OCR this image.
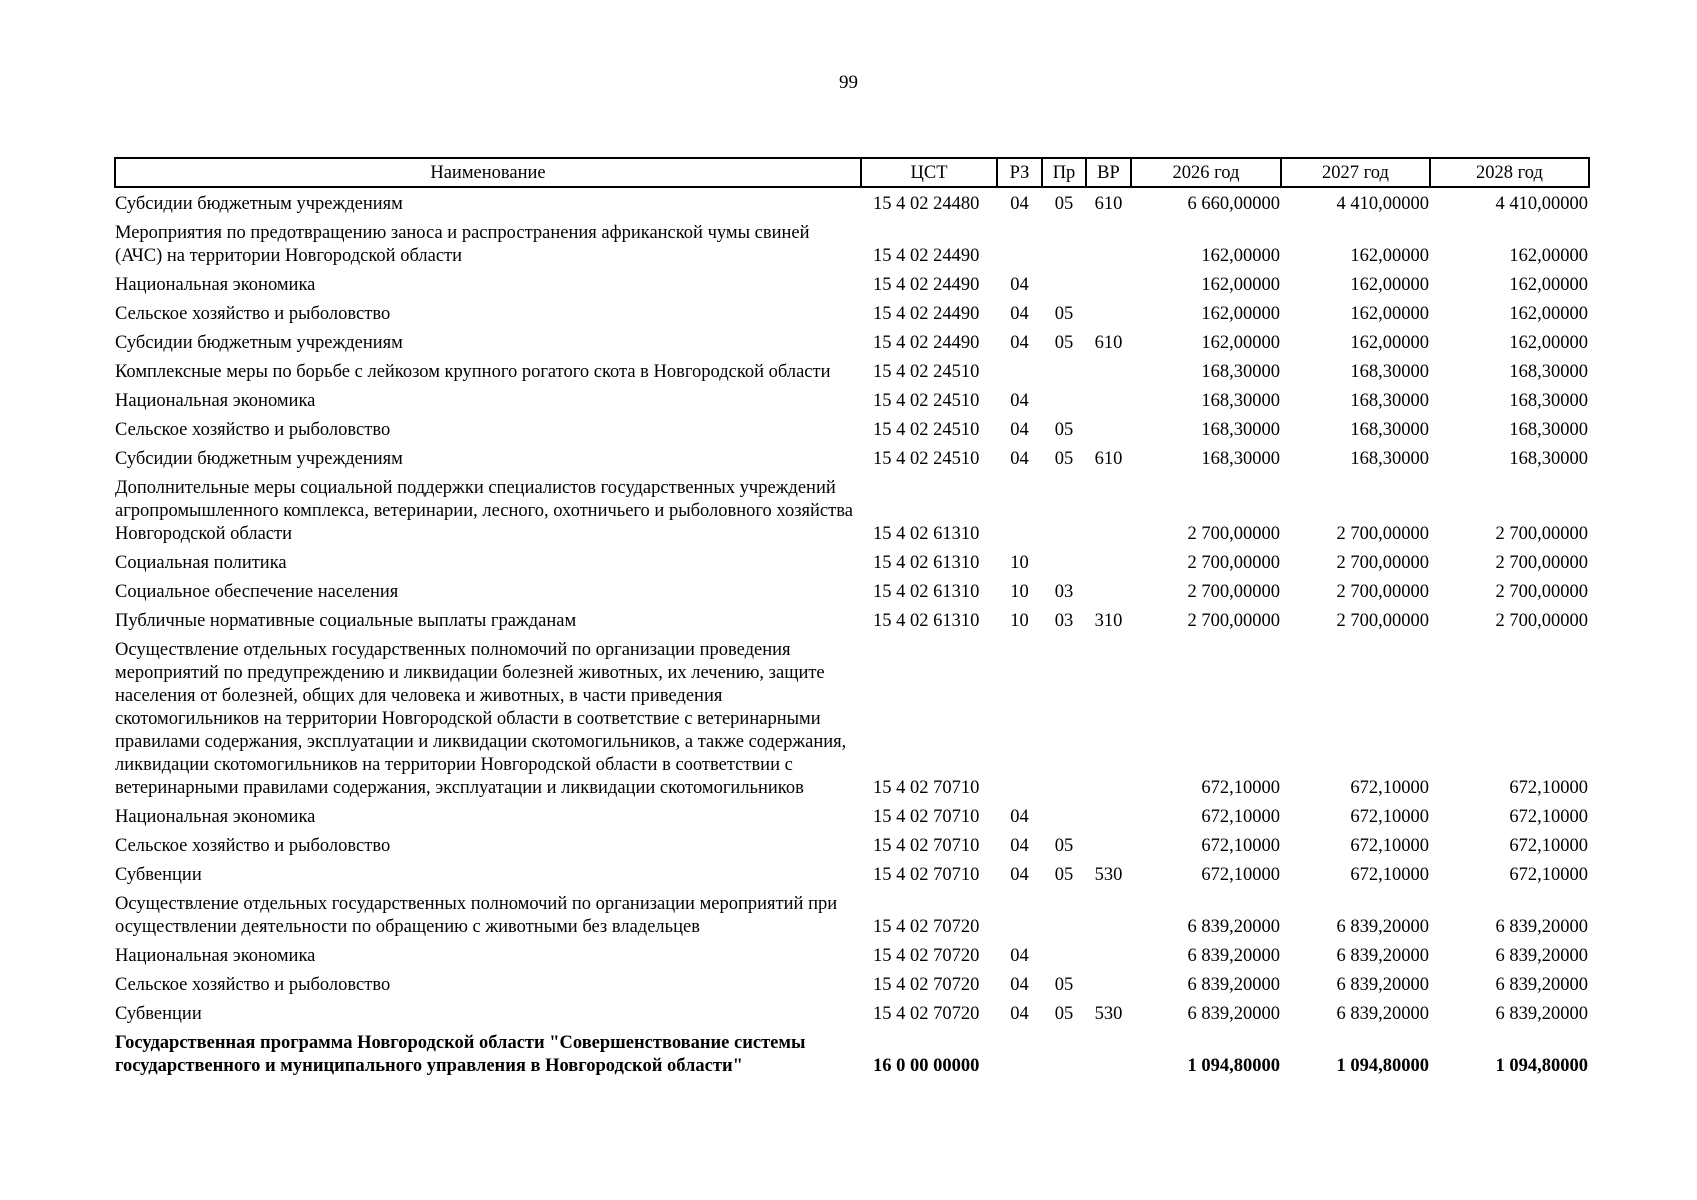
99
Наименование	ЦСТ	РЗ	Пр	ВР	2026 год	2027 год	2028 год
Субсидии бюджетным учреждениям	15 4 02 24480	04	05	610	6 660,00000	4 410,00000	4 410,00000
Мероприятия по предотвращению заноса и распространения африканской чумы свиней (АЧС) на территории Новгородской области	15 4 02 24490				162,00000	162,00000	162,00000
Национальная экономика	15 4 02 24490	04			162,00000	162,00000	162,00000
Сельское хозяйство и рыболовство	15 4 02 24490	04	05		162,00000	162,00000	162,00000
Субсидии бюджетным учреждениям	15 4 02 24490	04	05	610	162,00000	162,00000	162,00000
Комплексные меры по борьбе с лейкозом крупного рогатого скота в Новгородской области	15 4 02 24510				168,30000	168,30000	168,30000
Национальная экономика	15 4 02 24510	04			168,30000	168,30000	168,30000
Сельское хозяйство и рыболовство	15 4 02 24510	04	05		168,30000	168,30000	168,30000
Субсидии бюджетным учреждениям	15 4 02 24510	04	05	610	168,30000	168,30000	168,30000
Дополнительные меры социальной поддержки специалистов государственных учреждений агропромышленного комплекса, ветеринарии, лесного, охотничьего и рыболовного хозяйства Новгородской области	15 4 02 61310				2 700,00000	2 700,00000	2 700,00000
Социальная политика	15 4 02 61310	10			2 700,00000	2 700,00000	2 700,00000
Социальное обеспечение населения	15 4 02 61310	10	03		2 700,00000	2 700,00000	2 700,00000
Публичные нормативные социальные выплаты гражданам	15 4 02 61310	10	03	310	2 700,00000	2 700,00000	2 700,00000
Осуществление отдельных государственных полномочий по организации проведения мероприятий по предупреждению и ликвидации болезней животных, их лечению, защите населения от болезней, общих для человека и животных, в части приведения скотомогильников на территории Новгородской области в соответствие с ветеринарными правилами содержания, эксплуатации и ликвидации скотомогильников, а также содержания, ликвидации скотомогильников на территории Новгородской области в соответствии с ветеринарными правилами содержания, эксплуатации и ликвидации скотомогильников	15 4 02 70710				672,10000	672,10000	672,10000
Национальная экономика	15 4 02 70710	04			672,10000	672,10000	672,10000
Сельское хозяйство и рыболовство	15 4 02 70710	04	05		672,10000	672,10000	672,10000
Субвенции	15 4 02 70710	04	05	530	672,10000	672,10000	672,10000
Осуществление отдельных государственных полномочий по организации мероприятий при осуществлении деятельности по обращению с животными без владельцев	15 4 02 70720				6 839,20000	6 839,20000	6 839,20000
Национальная экономика	15 4 02 70720	04			6 839,20000	6 839,20000	6 839,20000
Сельское хозяйство и рыболовство	15 4 02 70720	04	05		6 839,20000	6 839,20000	6 839,20000
Субвенции	15 4 02 70720	04	05	530	6 839,20000	6 839,20000	6 839,20000
Государственная программа Новгородской области "Совершенствование системы государственного и муниципального управления в Новгородской области"	16 0 00 00000				1 094,80000	1 094,80000	1 094,80000
